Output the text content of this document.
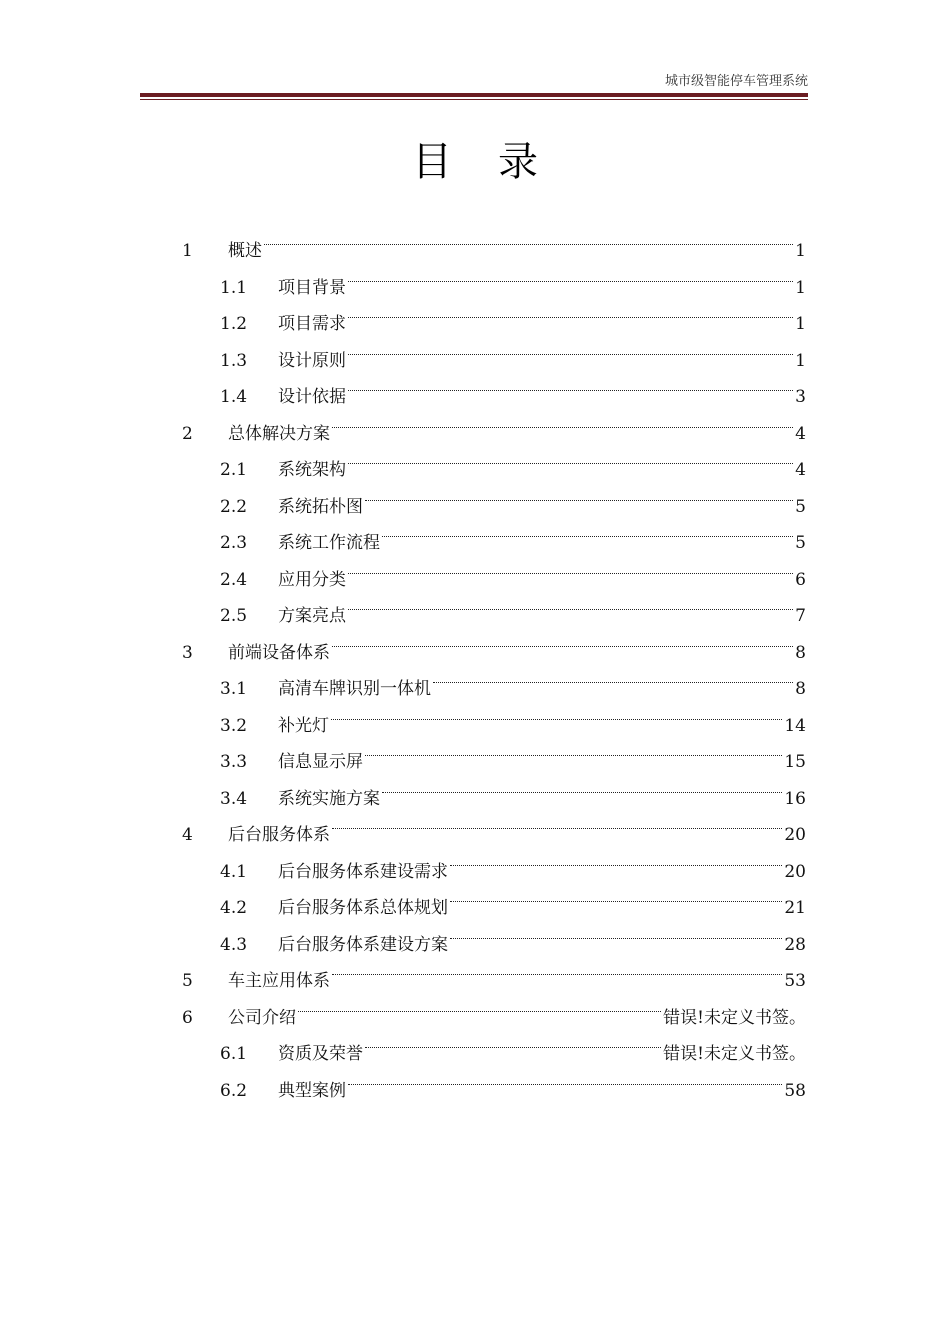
城市级智能停车管理系统
目 录
1	概述	1
1.1	项目背景	1
1.2	项目需求	1
1.3	设计原则	1
1.4	设计依据	3
2	总体解决方案	4
2.1	系统架构	4
2.2	系统拓朴图	5
2.3	系统工作流程	5
2.4	应用分类	6
2.5	方案亮点	7
3	前端设备体系	8
3.1	高清车牌识别一体机	8
3.2	补光灯	14
3.3	信息显示屏	15
3.4	系统实施方案	16
4	后台服务体系	20
4.1	后台服务体系建设需求	20
4.2	后台服务体系总体规划	21
4.3	后台服务体系建设方案	28
5	车主应用体系	53
6	公司介绍	错误!未定义书签。
6.1	资质及荣誉	错误!未定义书签。
6.2	典型案例	58
